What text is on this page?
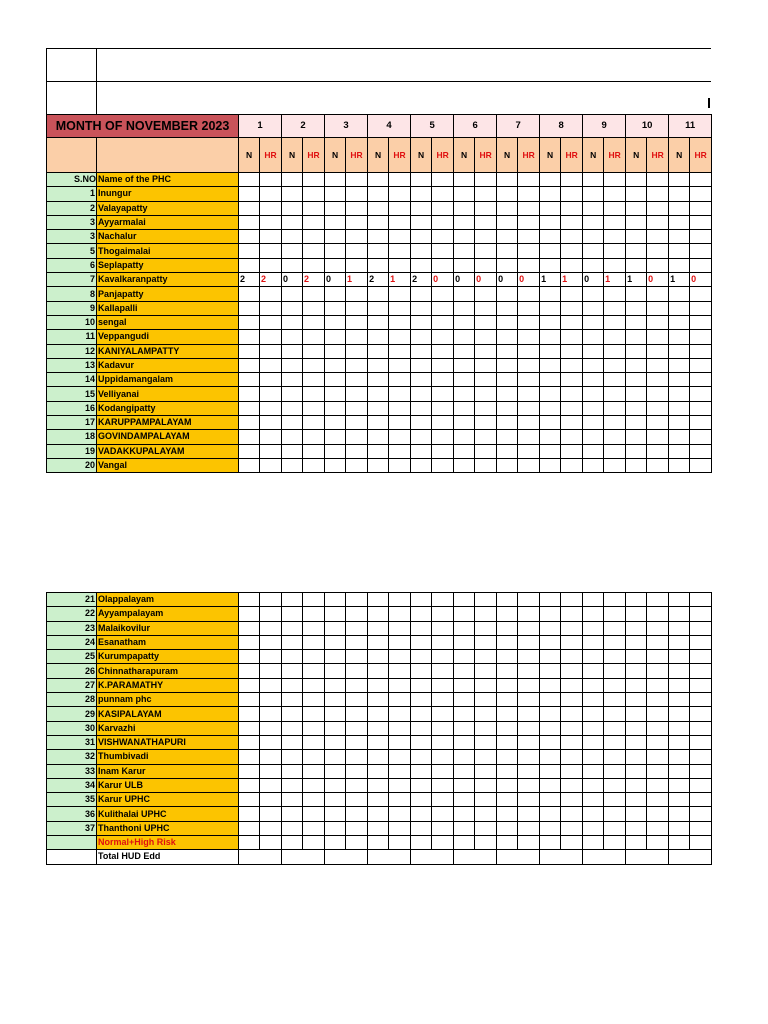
MONTH OF NOVEMBER 2023		1		2		3		4		5		6		7		8		9		10		11	
		N	HR	N	HR	N	HR	N	HR	N	HR	N	HR	N	HR	N	HR	N	HR	N	HR	N	HR
S.NO	Name of the PHC																						
1	Inungur																						
2	Valayapatty																						
3	Ayyarmalai																						
3	Nachalur																						
5	Thogaimalai																						
6	Seplapatty																						
7	Kavalkaranpatty	2	2	0	2	0	1	2	1	2	0	0	0	0	0	1	1	0	1	1	0	1	0
8	Panjapatty																						
9	Kallapalli																						
10	sengal																						
11	Veppangudi																						
12	KANIYALAMPATTY																						
13	Kadavur																						
14	Uppidamangalam																						
15	Velliyanai																						
16	Kodangipatty																						
17	KARUPPAMPALAYAM																						
18	GOVINDAMPALAYAM																						
19	VADAKKUPALAYAM																						
20	Vangal																						
21	Olappalayam																						
22	Ayyampalayam																						
23	Malaikovilur																						
24	Esanatham																						
25	Kurumpapatty																						
26	Chinnatharapuram																						
27	K.PARAMATHY																						
28	punnam phc																						
29	KASIPALAYAM																						
30	Karvazhi																						
31	VISHWANATHAPURI																						
32	Thumbivadi																						
33	Inam Karur																						
34	Karur ULB																						
35	Karur UPHC																						
36	Kulithalai UPHC																						
37	Thanthoni UPHC																						
	Normal+High Risk																						
	Total HUD Edd																						
